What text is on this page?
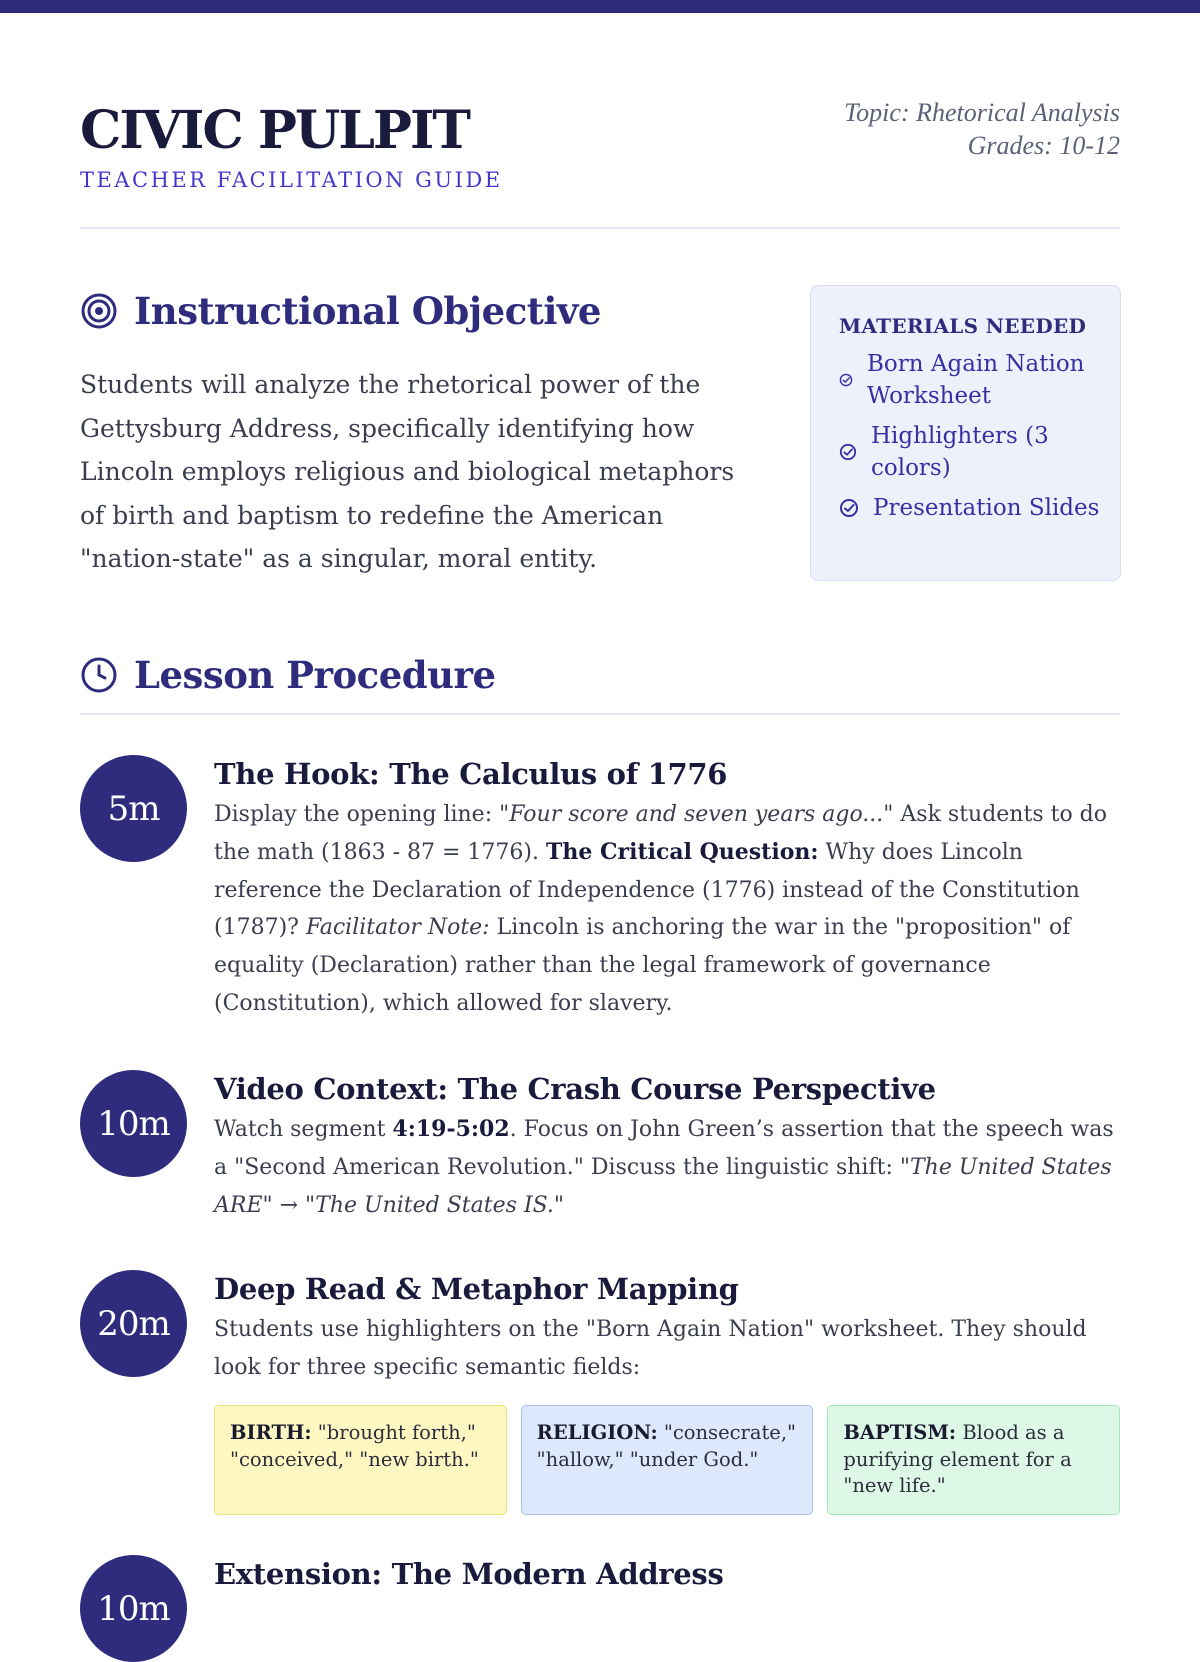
CIVIC PULPIT
TEACHER FACILITATION GUIDE
Topic: Rhetorical Analysis
Grades: 10-12
Instructional Objective

Students will analyze the rhetorical power of the Gettysburg Address, specifically identifying how Lincoln employs religious and biological metaphors of birth and baptism to redefine the American "nation-state" as a singular, moral entity.

MATERIALS NEEDED
Born Again Nation Worksheet
Highlighters (3 colors)
Presentation Slides
Lesson Procedure
5m
The Hook: The Calculus of 1776

Display the opening line: "Four score and seven years ago..." Ask students to do the math (1863 - 87 = 1776). The Critical Question: Why does Lincoln reference the Declaration of Independence (1776) instead of the Constitution (1787)? Facilitator Note: Lincoln is anchoring the war in the "proposition" of equality (Declaration) rather than the legal framework of governance (Constitution), which allowed for slavery.

10m
Video Context: The Crash Course Perspective

Watch segment 4:19-5:02. Focus on John Green’s assertion that the speech was a "Second American Revolution." Discuss the linguistic shift: "The United States ARE" → "The United States IS."

20m
Deep Read & Metaphor Mapping

Students use highlighters on the "Born Again Nation" worksheet. They should look for three specific semantic fields:

BIRTH: "brought forth," "conceived," "new birth."
RELIGION: "consecrate," "hallow," "under God."
BAPTISM: Blood as a purifying element for a "new life."
10m
Extension: The Modern Address
